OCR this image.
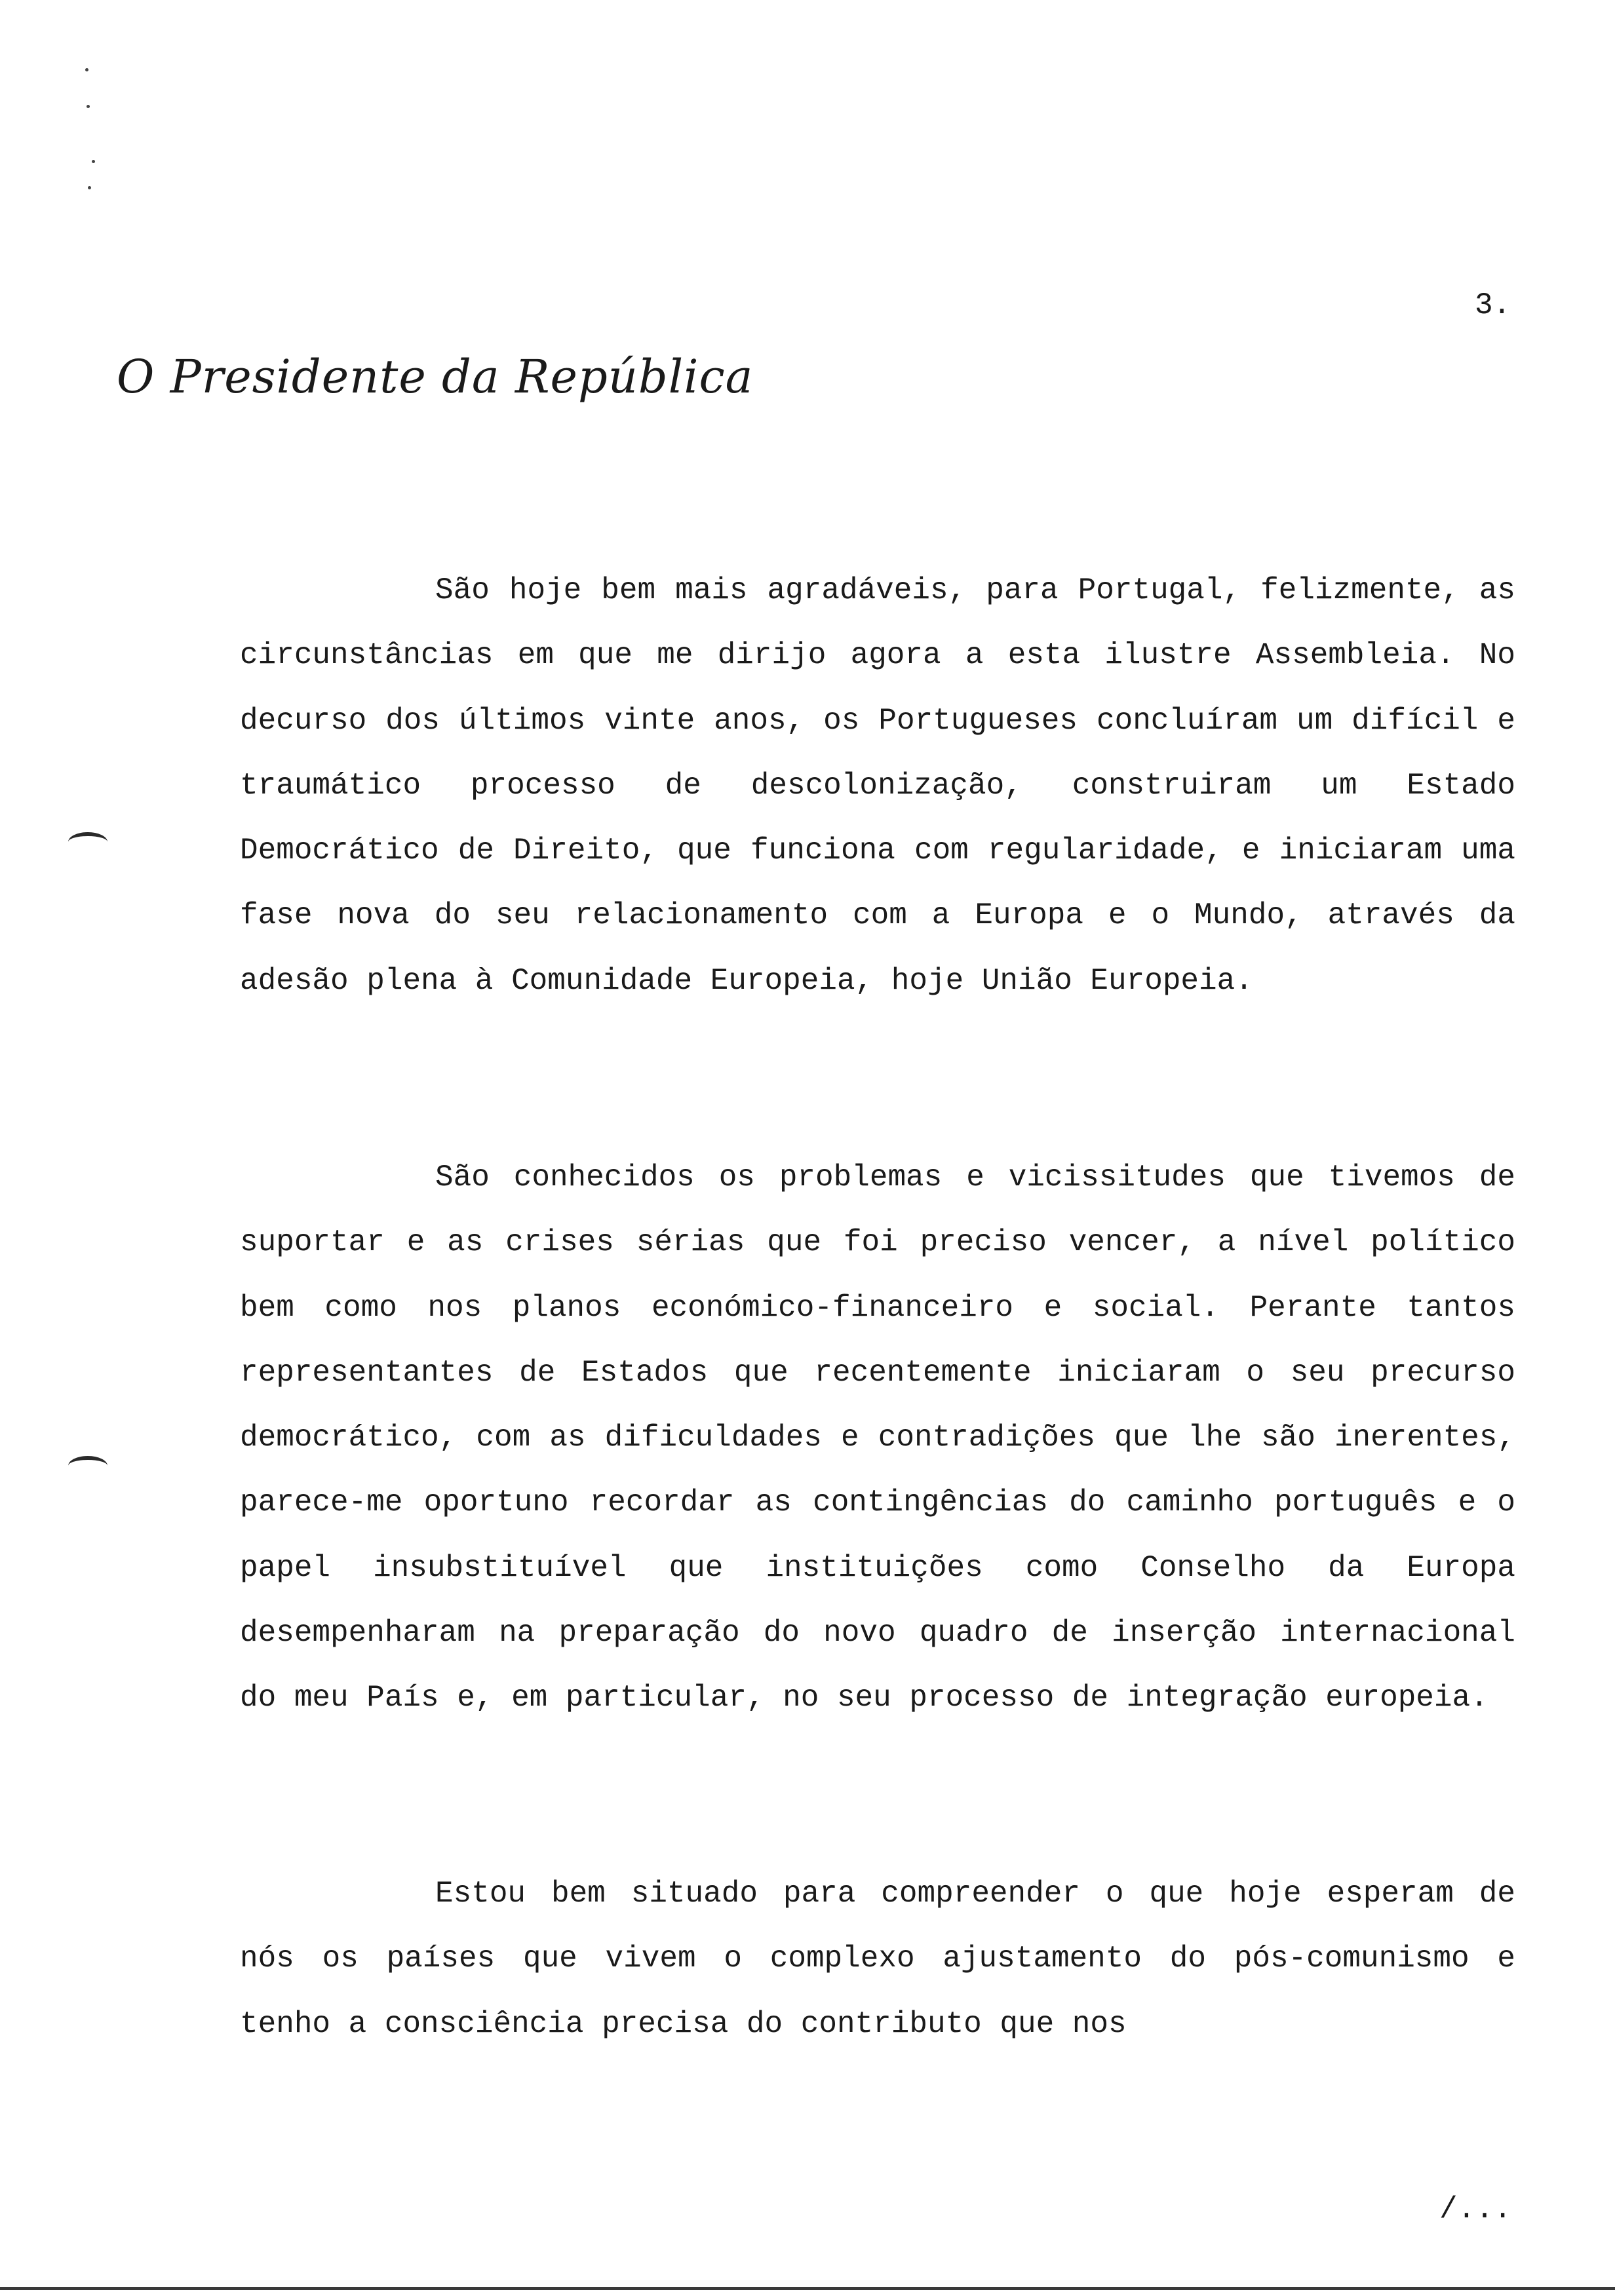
3.

O Presidente da República

São hoje bem mais agradáveis, para Portugal, felizmente, as circunstâncias em que me dirijo agora a esta ilustre Assembleia. No decurso dos últimos vinte anos, os Portugueses concluíram um difícil e traumático processo de descolonização, construiram um Estado Democrático de Direito, que funciona com regularidade, e iniciaram uma fase nova do seu relacionamento com a Europa e o Mundo, através da adesão plena à Comunidade Europeia, hoje União Europeia.

São conhecidos os problemas e vicissitudes que tivemos de suportar e as crises sérias que foi preciso vencer, a nível político bem como nos planos económico-financeiro e social. Perante tantos representantes de Estados que recentemente iniciaram o seu precurso democrático, com as dificuldades e contradições que lhe são inerentes, parece-me oportuno recordar as contingências do caminho português e o papel insubstituível que instituições como Conselho da Europa desempenharam na preparação do novo quadro de inserção internacional do meu País e, em particular, no seu processo de integração europeia.

Estou bem situado para compreender o que hoje esperam de nós os países que vivem o complexo ajustamento do pós-comunismo e tenho a consciência precisa do contributo que nos

/...
